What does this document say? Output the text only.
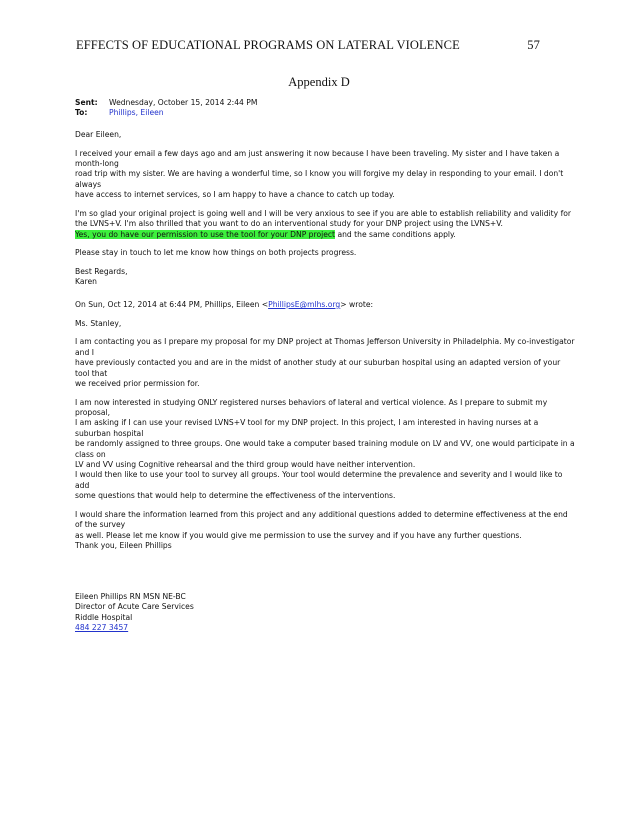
EFFECTS OF EDUCATIONAL PROGRAMS ON LATERAL VIOLENCE	57
Appendix D
Sent:	Wednesday, October 15, 2014 2:44 PM
To:	Phillips, Eileen

Dear Eileen,

I received your email a few days ago and am just answering it now because I have been traveling. My sister and I have taken a month-long
road trip with my sister. We are having a wonderful time, so I know you will forgive my delay in responding to your email. I don't always
have access to internet services, so I am happy to have a chance to catch up today.

I'm so glad your original project is going well and I will be very anxious to see if you are able to establish reliability and validity for
the LVNS+V. I'm also thrilled that you want to do an interventional study for your DNP project using the LVNS+V.
Yes, you do have our permission to use the tool for your DNP project and the same conditions apply.

Please stay in touch to let me know how things on both projects progress.

Best Regards,
Karen

On Sun, Oct 12, 2014 at 6:44 PM, Phillips, Eileen <PhillipsE@mlhs.org> wrote:

Ms. Stanley,

I am contacting you as I prepare my proposal for my DNP project at Thomas Jefferson University in Philadelphia. My co-investigator and I
have previously contacted you and are in the midst of another study at our suburban hospital using an adapted version of your tool that
we received prior permission for.

I am now interested in studying ONLY registered nurses behaviors of lateral and vertical violence. As I prepare to submit my proposal,
I am asking if I can use your revised LVNS+V tool for my DNP project. In this project, I am interested in having nurses at a suburban hospital
be randomly assigned to three groups. One would take a computer based training module on LV and VV, one would participate in a class on
LV and VV using Cognitive rehearsal and the third group would have neither intervention.
I would then like to use your tool to survey all groups. Your tool would determine the prevalence and severity and I would like to add
some questions that would help to determine the effectiveness of the interventions.

I would share the information learned from this project and any additional questions added to determine effectiveness at the end of the survey
as well. Please let me know if you would give me permission to use the survey and if you have any further questions.
Thank you, Eileen Phillips

Eileen Phillips RN MSN NE-BC
Director of Acute Care Services
Riddle Hospital
484 227 3457
